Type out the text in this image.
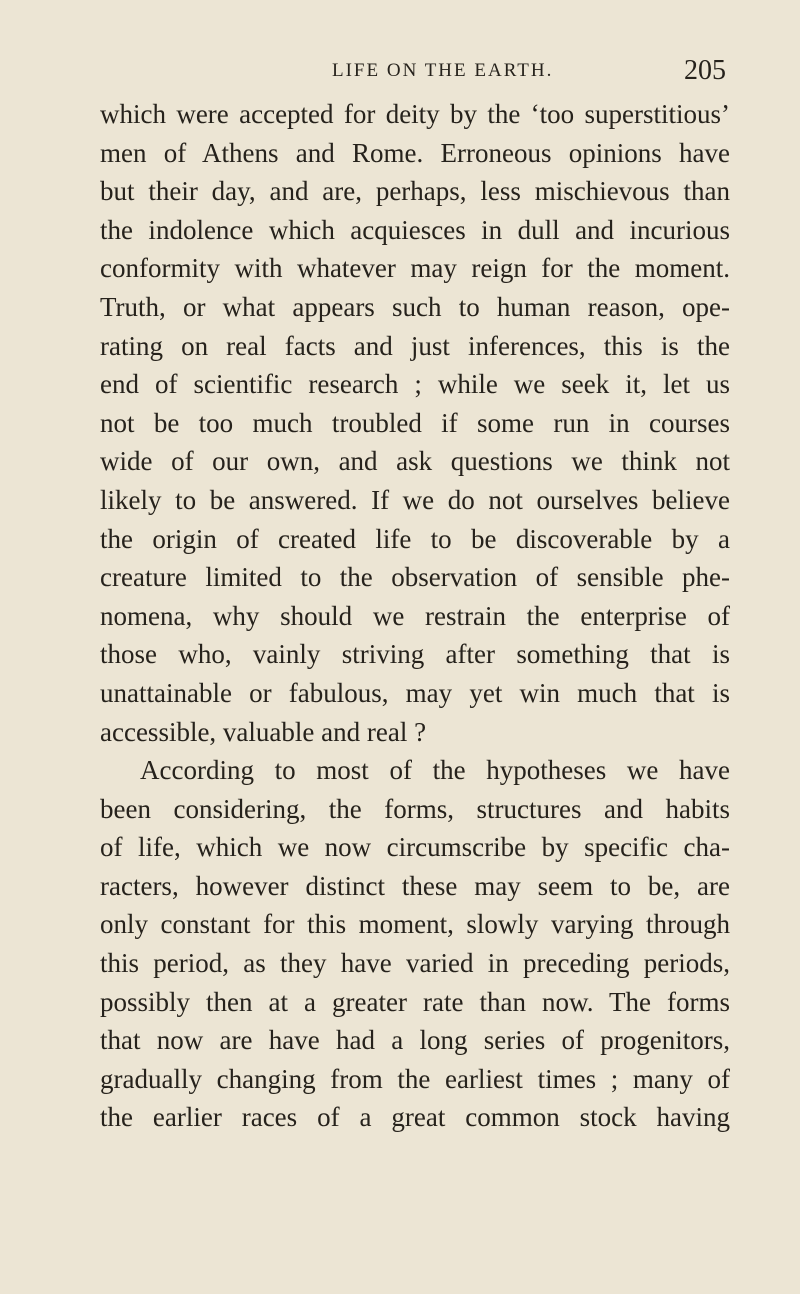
LIFE ON THE EARTH.	205
which were accepted for deity by the ‘too superstitious’
men of Athens and Rome. Erroneous opinions have
but their day, and are, perhaps, less mischievous than
the indolence which acquiesces in dull and incurious
conformity with whatever may reign for the moment.
Truth, or what appears such to human reason, ope-
rating on real facts and just inferences, this is the
end of scientific research ; while we seek it, let us
not be too much troubled if some run in courses
wide of our own, and ask questions we think not
likely to be answered. If we do not ourselves believe
the origin of created life to be discoverable by a
creature limited to the observation of sensible phe-
nomena, why should we restrain the enterprise of
those who, vainly striving after something that is
unattainable or fabulous, may yet win much that is
accessible, valuable and real ?
According to most of the hypotheses we have
been considering, the forms, structures and habits
of life, which we now circumscribe by specific cha-
racters, however distinct these may seem to be, are
only constant for this moment, slowly varying through
this period, as they have varied in preceding periods,
possibly then at a greater rate than now. The forms
that now are have had a long series of progenitors,
gradually changing from the earliest times ; many of
the earlier races of a great common stock having
